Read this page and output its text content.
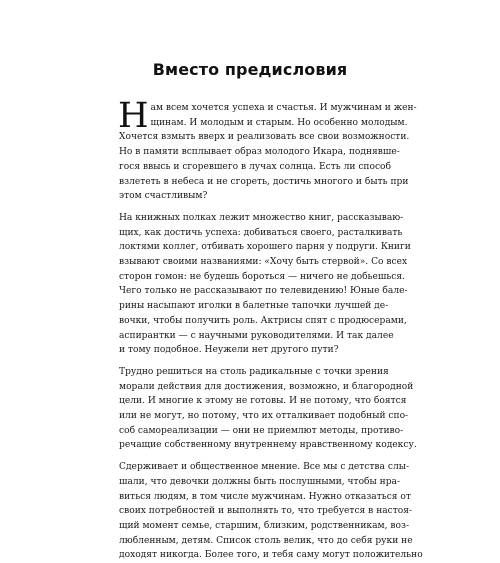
Вместо предисловия
Н ам всем хочется успеха и счастья. И мужчинам и жен-
щинам. И молодым и старым. Но особенно молодым.
Хочется взмыть вверх и реализовать все свои возможности.
Но в памяти всплывает образ молодого Икара, поднявше-
гося ввысь и сгоревшего в лучах солнца. Есть ли способ
взлететь в небеса и не сгореть, достичь многого и быть при
этом счастливым?
На книжных полках лежит множество книг, рассказываю-
щих, как достичь успеха: добиваться своего, расталкивать
локтями коллег, отбивать хорошего парня у подруги. Книги
взывают своими названиями: «Хочу быть стервой». Со всех
сторон гомон: не будешь бороться — ничего не добьешься.
Чего только не рассказывают по телевидению! Юные бале-
рины насыпают иголки в балетные тапочки лучшей де-
вочки, чтобы получить роль. Актрисы спят с продюсерами,
аспирантки — с научными руководителями. И так далее
и тому подобное. Неужели нет другого пути?
Трудно решиться на столь радикальные с точки зрения
морали действия для достижения, возможно, и благородной
цели. И многие к этому не готовы. И не потому, что боятся
или не могут, но потому, что их отталкивает подобный спо-
соб самореализации — они не приемлют методы, противо-
речащие собственному внутреннему нравственному кодексу.
Сдерживает и общественное мнение. Все мы с детства слы-
шали, что девочки должны быть послушными, чтобы нра-
виться людям, в том числе мужчинам. Нужно отказаться от
своих потребностей и выполнять то, что требуется в настоя-
щий момент семье, старшим, близким, родственникам, воз-
любленным, детям. Список столь велик, что до себя руки не
доходят никогда. Более того, и тебя саму могут положительно
